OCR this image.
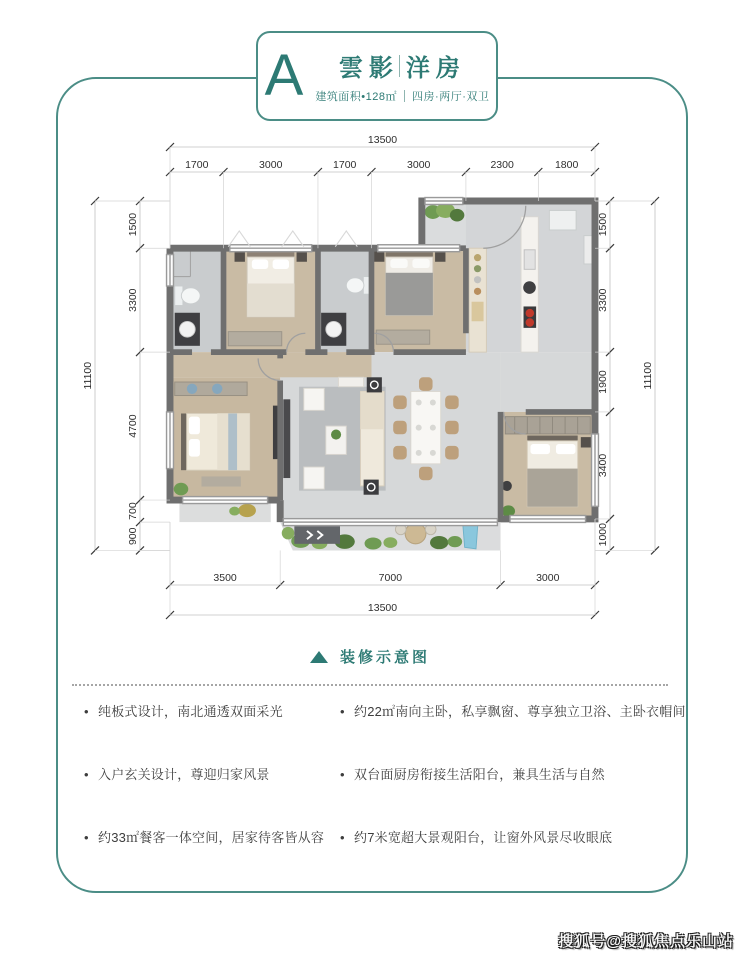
A 雲影 洋房
建筑面积•128㎡ 四房·两厅·双卫
1700	3000	1700	3000	2300	1800
13500
3500	7000	3000
13500
1500
3300
4700
700
900
11100
1500
3300
1900
3400
1000
11100
装修示意图
• 纯板式设计，南北通透双面采光
• 入户玄关设计，尊迎归家风景
• 约33㎡餐客一体空间，居家待客皆从容
• 约22㎡南向主卧，私享飘窗、尊享独立卫浴、主卧衣帽间
• 双台面厨房衔接生活阳台，兼具生活与自然
• 约7米宽超大景观阳台，让窗外风景尽收眼底
搜狐号@搜狐焦点乐山站
